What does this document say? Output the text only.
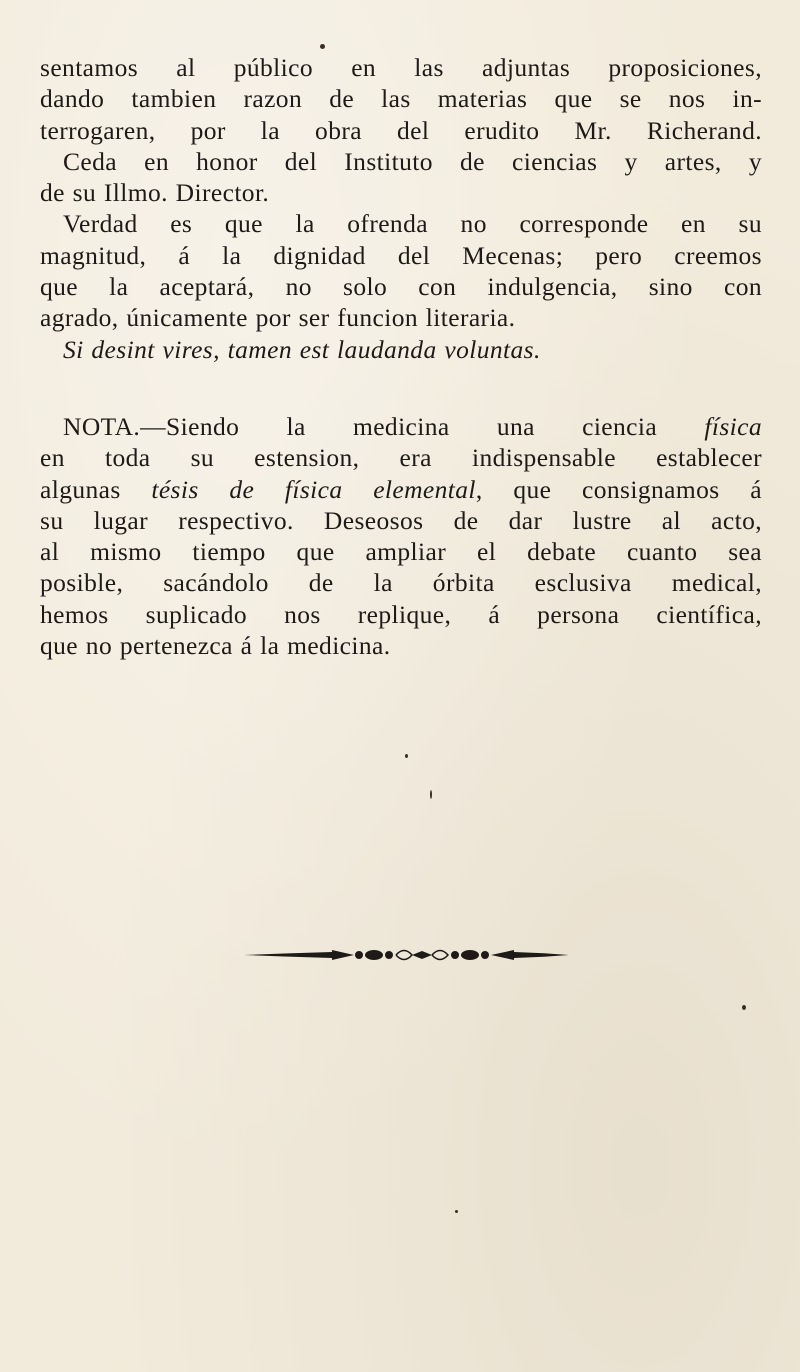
sentamos al público en las adjuntas proposiciones,
dando tambien razon de las materias que se nos in-
terrogaren, por la obra del erudito Mr. Richerand.
Ceda en honor del Instituto de ciencias y artes, y
de su Illmo. Director.
Verdad es que la ofrenda no corresponde en su
magnitud, á la dignidad del Mecenas; pero creemos
que la aceptará, no solo con indulgencia, sino con
agrado, únicamente por ser funcion literaria.
Si desint vires, tamen est laudanda voluntas.
NOTA.—Siendo la medicina una ciencia física
en toda su estension, era indispensable establecer
algunas tésis de física elemental, que consignamos á
su lugar respectivo. Deseosos de dar lustre al acto,
al mismo tiempo que ampliar el debate cuanto sea
posible, sacándolo de la órbita esclusiva medical,
hemos suplicado nos replique, á persona científica,
que no pertenezca á la medicina.
